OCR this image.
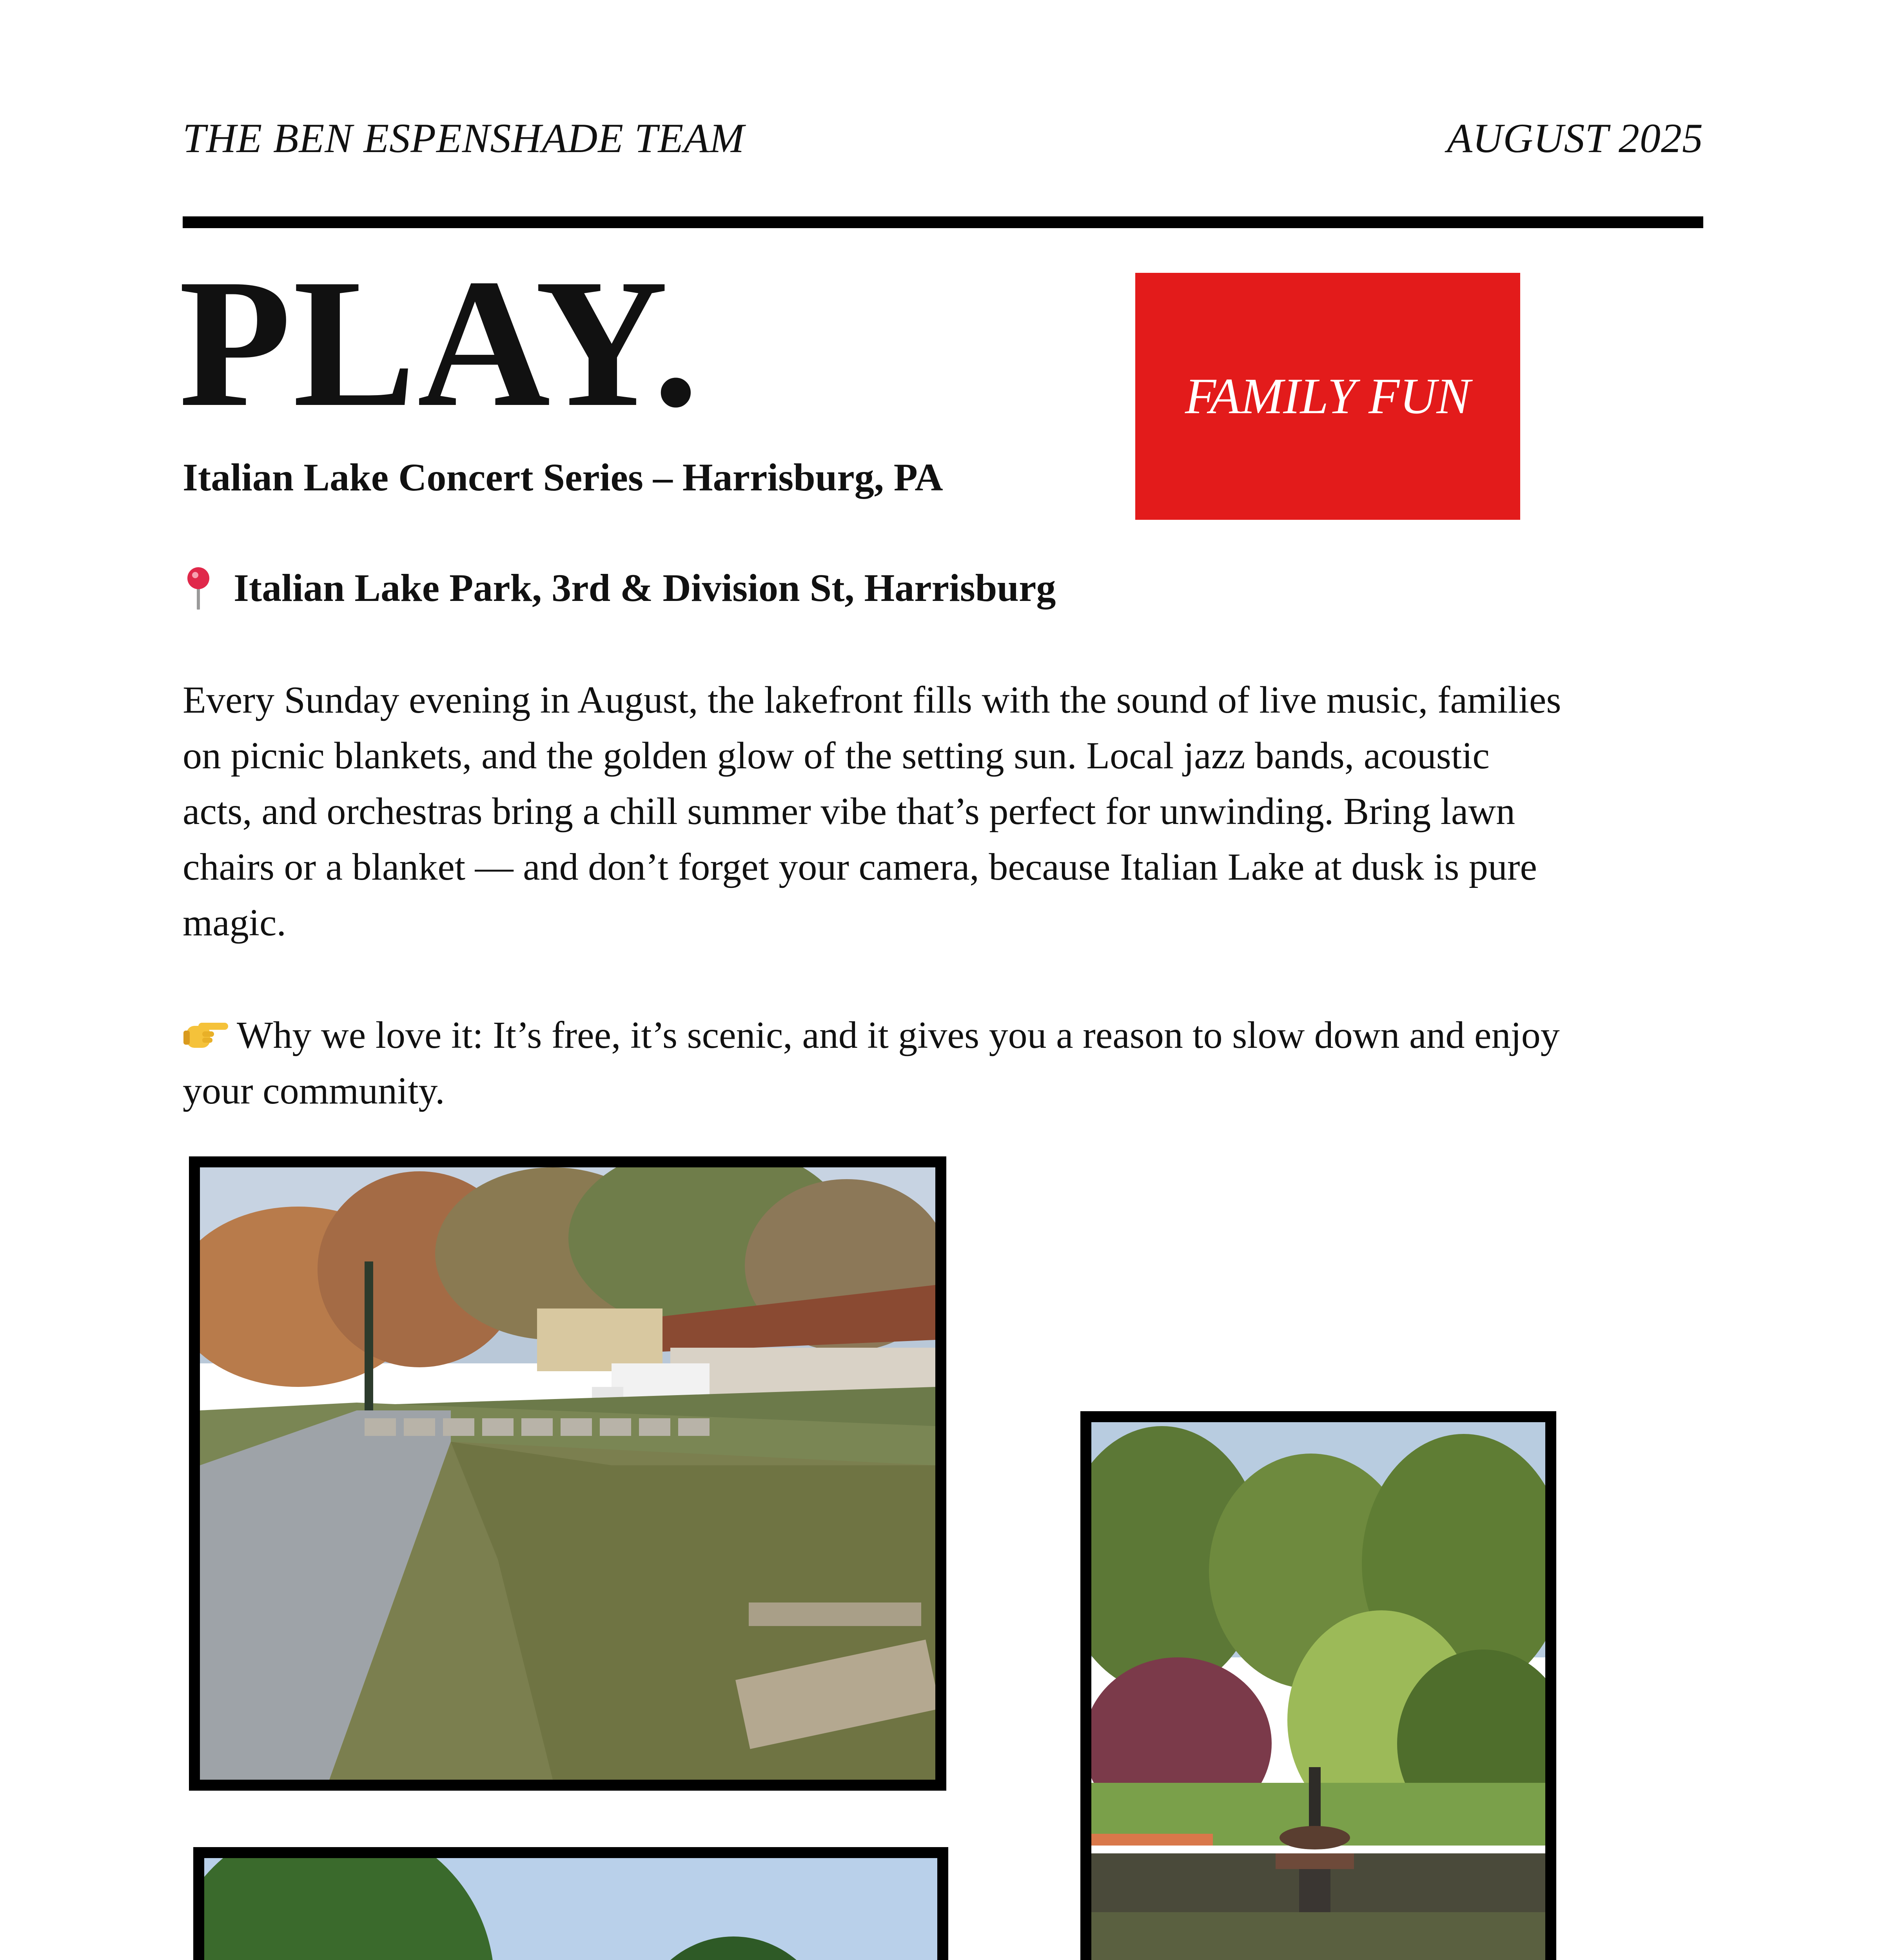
THE BEN ESPENSHADE TEAM	AUGUST 2025
PLAY.	FAMILY FUN
Italian Lake Concert Series – Harrisburg, PA
Italian Lake Park, 3rd & Division St, Harrisburg
Every Sunday evening in August, the lakefront fills with the sound of live music, families on picnic blankets, and the golden glow of the setting sun. Local jazz bands, acoustic acts, and orchestras bring a chill summer vibe that’s perfect for unwinding. Bring lawn chairs or a blanket — and don’t forget your camera, because Italian Lake at dusk is pure magic.
Why we love it: It’s free, it’s scenic, and it gives you a reason to slow down and enjoy your community.
